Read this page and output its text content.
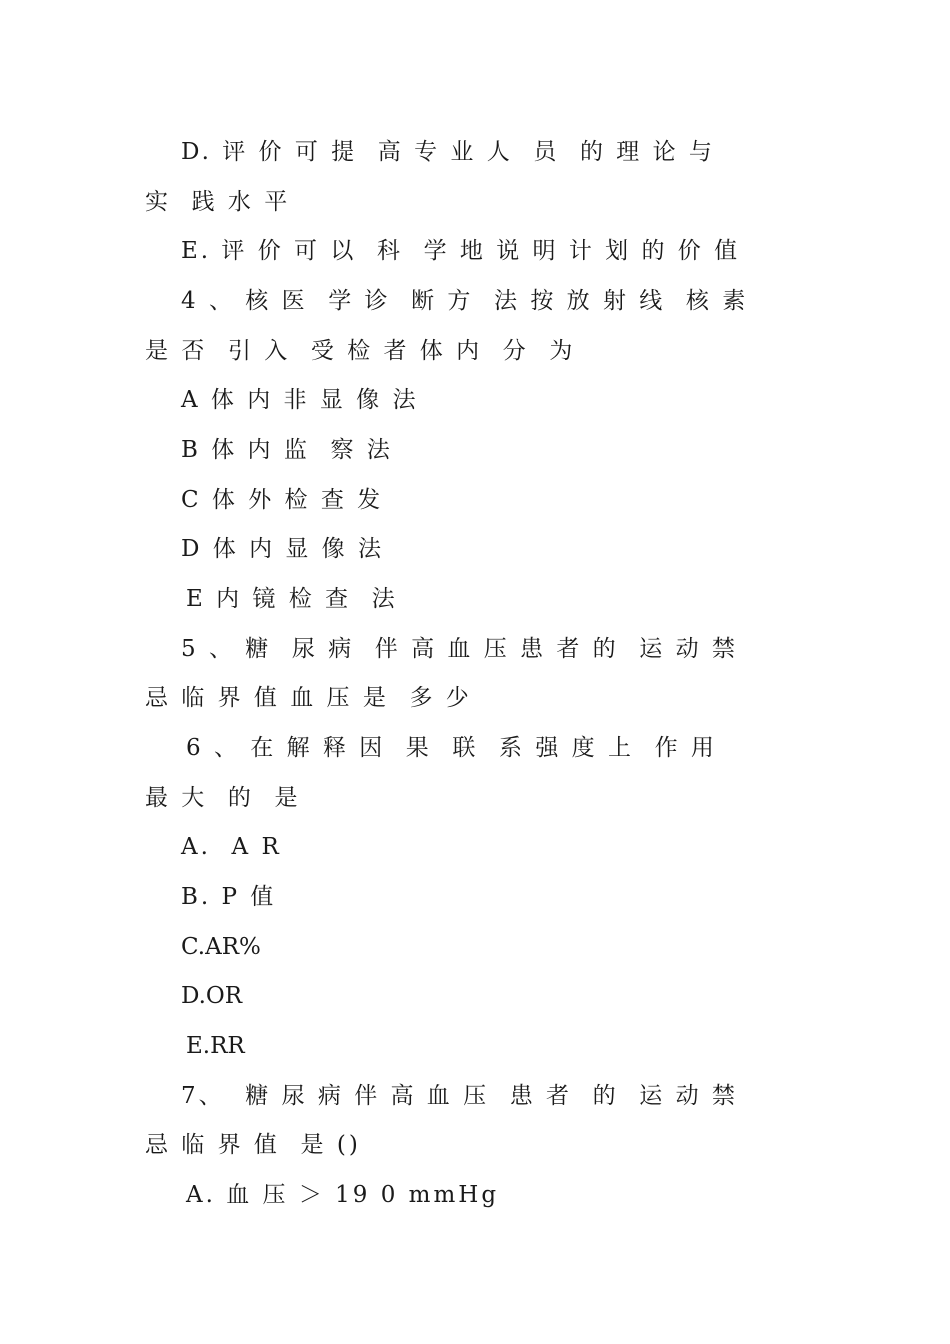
D. 评 价 可 提  高 专 业 人  员  的 理 论 与
实  践 水 平
E. 评 价 可 以  科  学 地 说 明 计 划 的 价 值
4 、 核 医  学 诊  断 方  法 按 放 射 线  核 素
是 否  引 入  受 检 者 体 内  分  为
A 体 内 非 显 像 法
B 体 内 监  察 法
C 体 外 检 查 发
D 体 内 显 像 法
E 内 镜 检 查  法
5 、 糖  尿 病  伴 高 血 压 患 者 的  运 动 禁
忌 临 界 值 血 压 是  多 少
6 、 在 解 释 因  果  联  系 强 度 上  作 用
最 大  的  是
A.  A R
B. P 值
C.AR%
D.OR
E.RR
7、  糖 尿 病 伴 高 血 压  患 者  的  运 动 禁
忌 临 界 值  是 ()
A. 血 压 ＞ 19 0 mmHg
